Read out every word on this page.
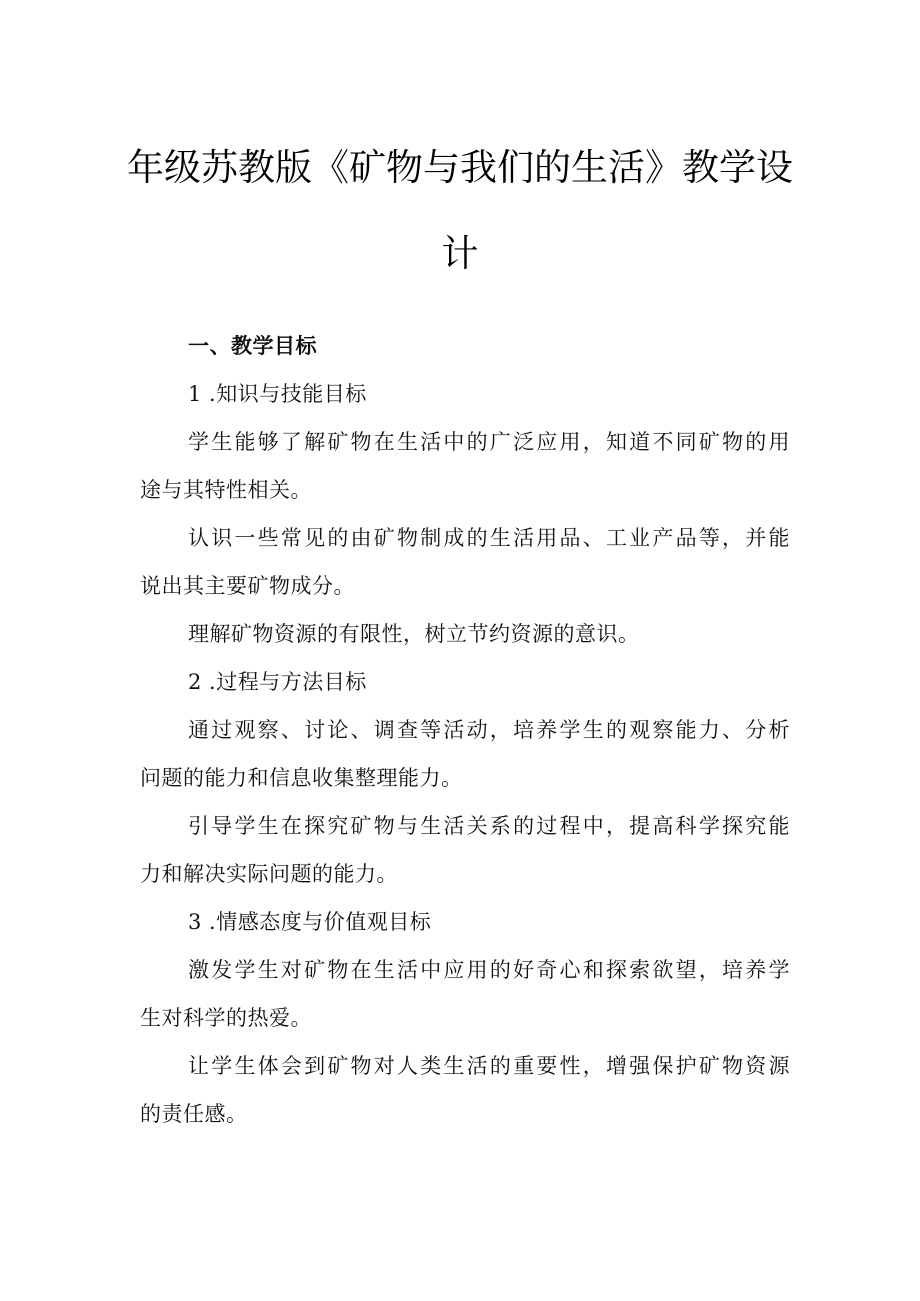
年级苏教版《矿物与我们的生活》教学设
计
一、教学目标
1 .知识与技能目标
学生能够了解矿物在生活中的广泛应用，知道不同矿物的用
途与其特性相关。
认识一些常见的由矿物制成的生活用品、工业产品等，并能
说出其主要矿物成分。
理解矿物资源的有限性，树立节约资源的意识。
2 .过程与方法目标
通过观察、讨论、调查等活动，培养学生的观察能力、分析
问题的能力和信息收集整理能力。
引导学生在探究矿物与生活关系的过程中，提高科学探究能
力和解决实际问题的能力。
3 .情感态度与价值观目标
激发学生对矿物在生活中应用的好奇心和探索欲望，培养学
生对科学的热爱。
让学生体会到矿物对人类生活的重要性，增强保护矿物资源
的责任感。
